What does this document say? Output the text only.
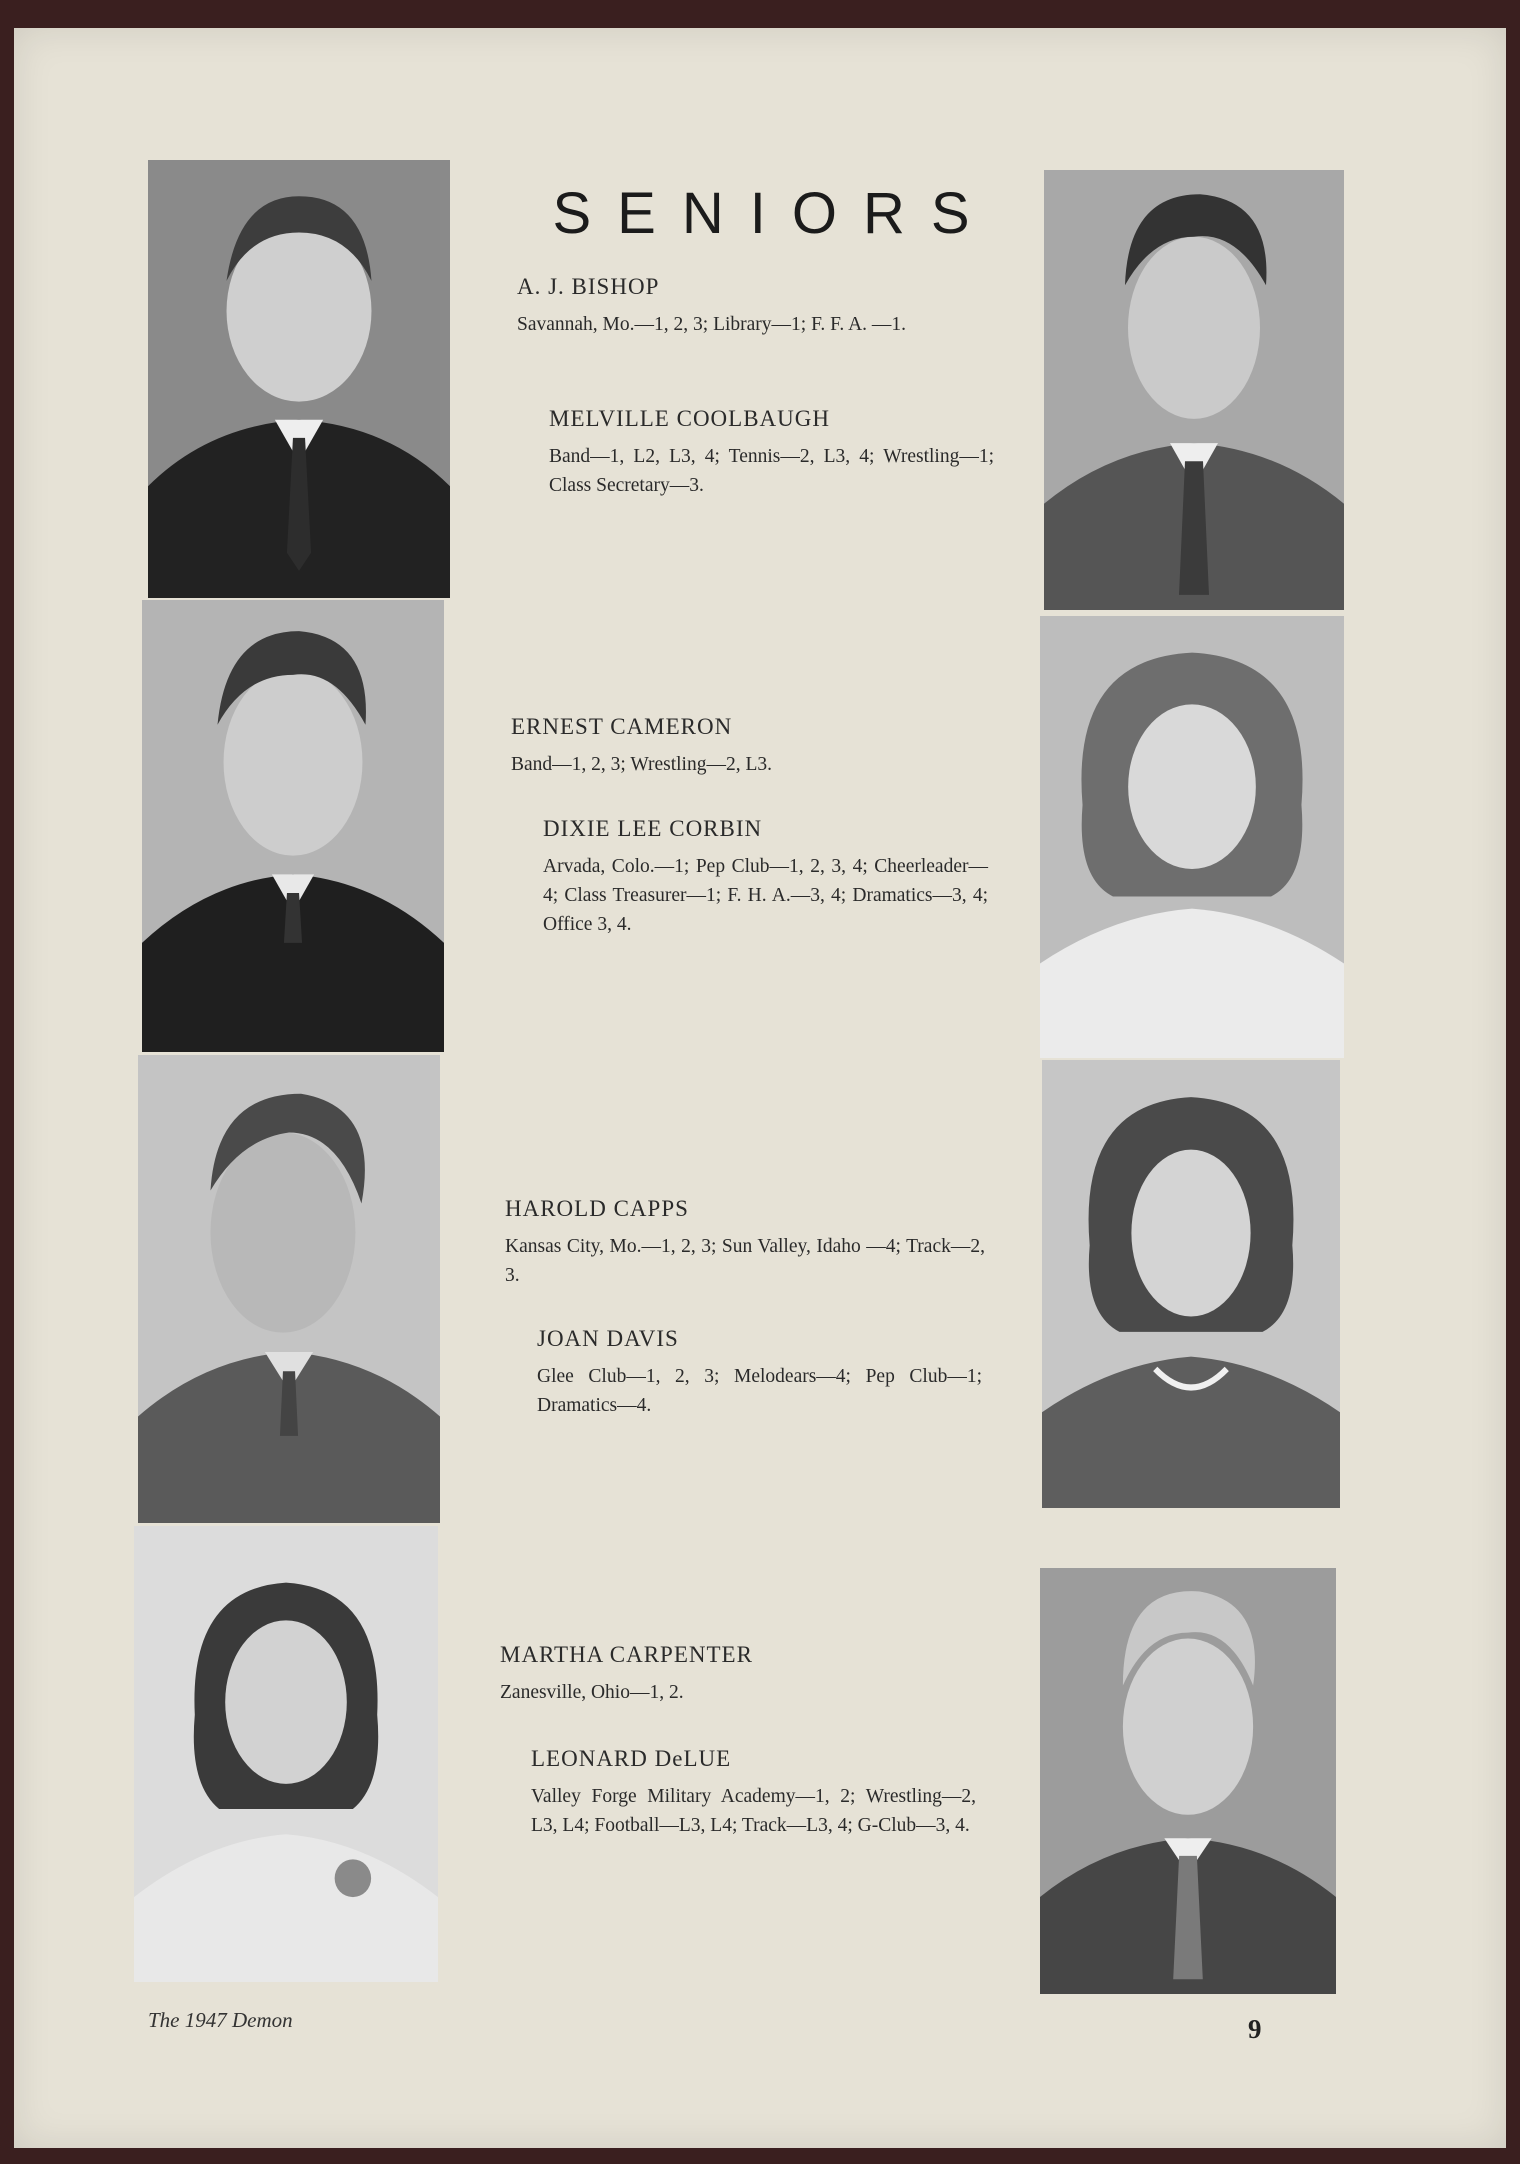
SENIORS
A. J. BISHOP
Savannah, Mo.—1, 2, 3; Library—1; F. F. A. —1.
MELVILLE COOLBAUGH
Band—1, L2, L3, 4; Tennis—2, L3, 4; Wrestling—1; Class Secretary—3.
ERNEST CAMERON
Band—1, 2, 3; Wrestling—2, L3.
DIXIE LEE CORBIN
Arvada, Colo.—1; Pep Club—1, 2, 3, 4; Cheerleader—4; Class Treasurer—1; F. H. A.—3, 4; Dramatics—3, 4; Office 3, 4.
HAROLD CAPPS
Kansas City, Mo.—1, 2, 3; Sun Valley, Idaho —4; Track—2, 3.
JOAN DAVIS
Glee Club—1, 2, 3; Melodears—4; Pep Club—1; Dramatics—4.
MARTHA CARPENTER
Zanesville, Ohio—1, 2.
LEONARD DeLUE
Valley Forge Military Academy—1, 2; Wrestling—2, L3, L4; Football—L3, L4; Track—L3, 4; G-Club—3, 4.
The 1947 Demon	9
